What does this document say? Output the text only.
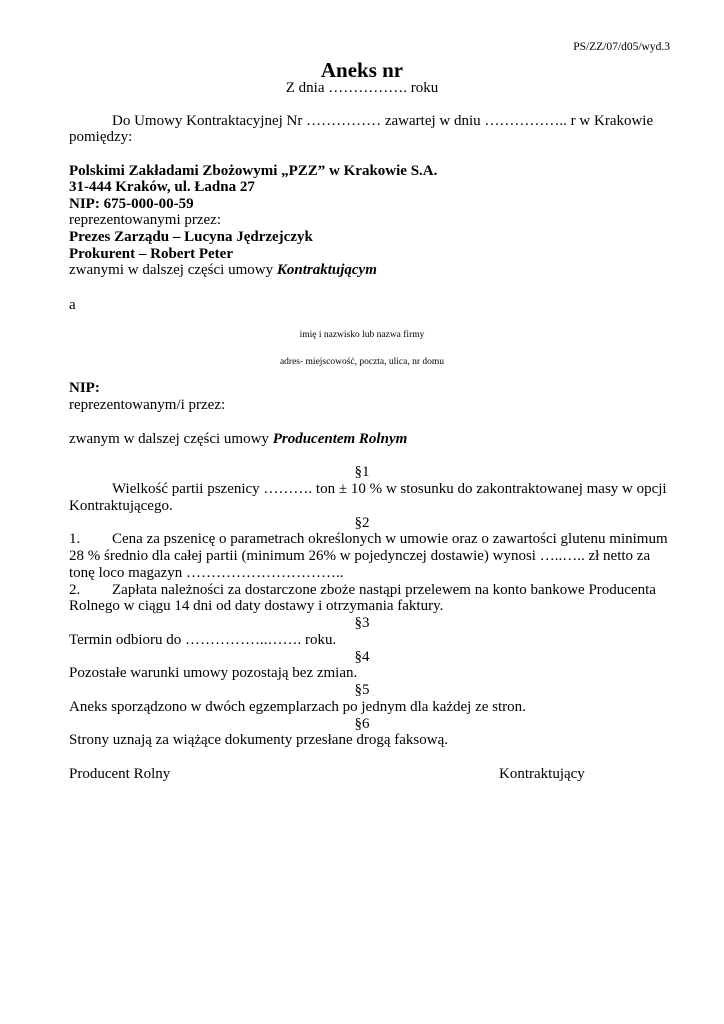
PS/ZZ/07/d05/wyd.3
Aneks nr
Z dnia ……………. roku
Do Umowy Kontraktacyjnej Nr …………… zawartej w dniu …………….. r w Krakowie
pomiędzy:
Polskimi Zakładami Zbożowymi „PZZ” w Krakowie S.A.
31-444 Kraków, ul. Ładna 27
NIP: 675-000-00-59
reprezentowanymi przez:
Prezes Zarządu – Lucyna Jędrzejczyk
Prokurent – Robert Peter
zwanymi w dalszej części umowy Kontraktującym
a
imię i nazwisko lub nazwa firmy
adres- miejscowość, poczta, ulica, nr domu
NIP:
reprezentowanym/i przez:
zwanym w dalszej części umowy Producentem Rolnym
§1
Wielkość partii pszenicy ………. ton ± 10 % w stosunku do zakontraktowanej masy w opcji
Kontraktującego.
§2
1. Cena za pszenicę o parametrach określonych w umowie oraz o zawartości glutenu minimum
28 % średnio dla całej partii (minimum 26% w pojedynczej dostawie) wynosi …..….. zł netto za
tonę loco magazyn …………………………..
2. Zapłata należności za dostarczone zboże nastąpi przelewem na konto bankowe Producenta
Rolnego w ciągu 14 dni od daty dostawy i otrzymania faktury.
§3
Termin odbioru do ……………..……. roku.
§4
Pozostałe warunki umowy pozostają bez zmian.
§5
Aneks sporządzono w dwóch egzemplarzach po jednym dla każdej ze stron.
§6
Strony uznają za wiążące dokumenty przesłane drogą faksową.
Producent Rolny	Kontraktujący
